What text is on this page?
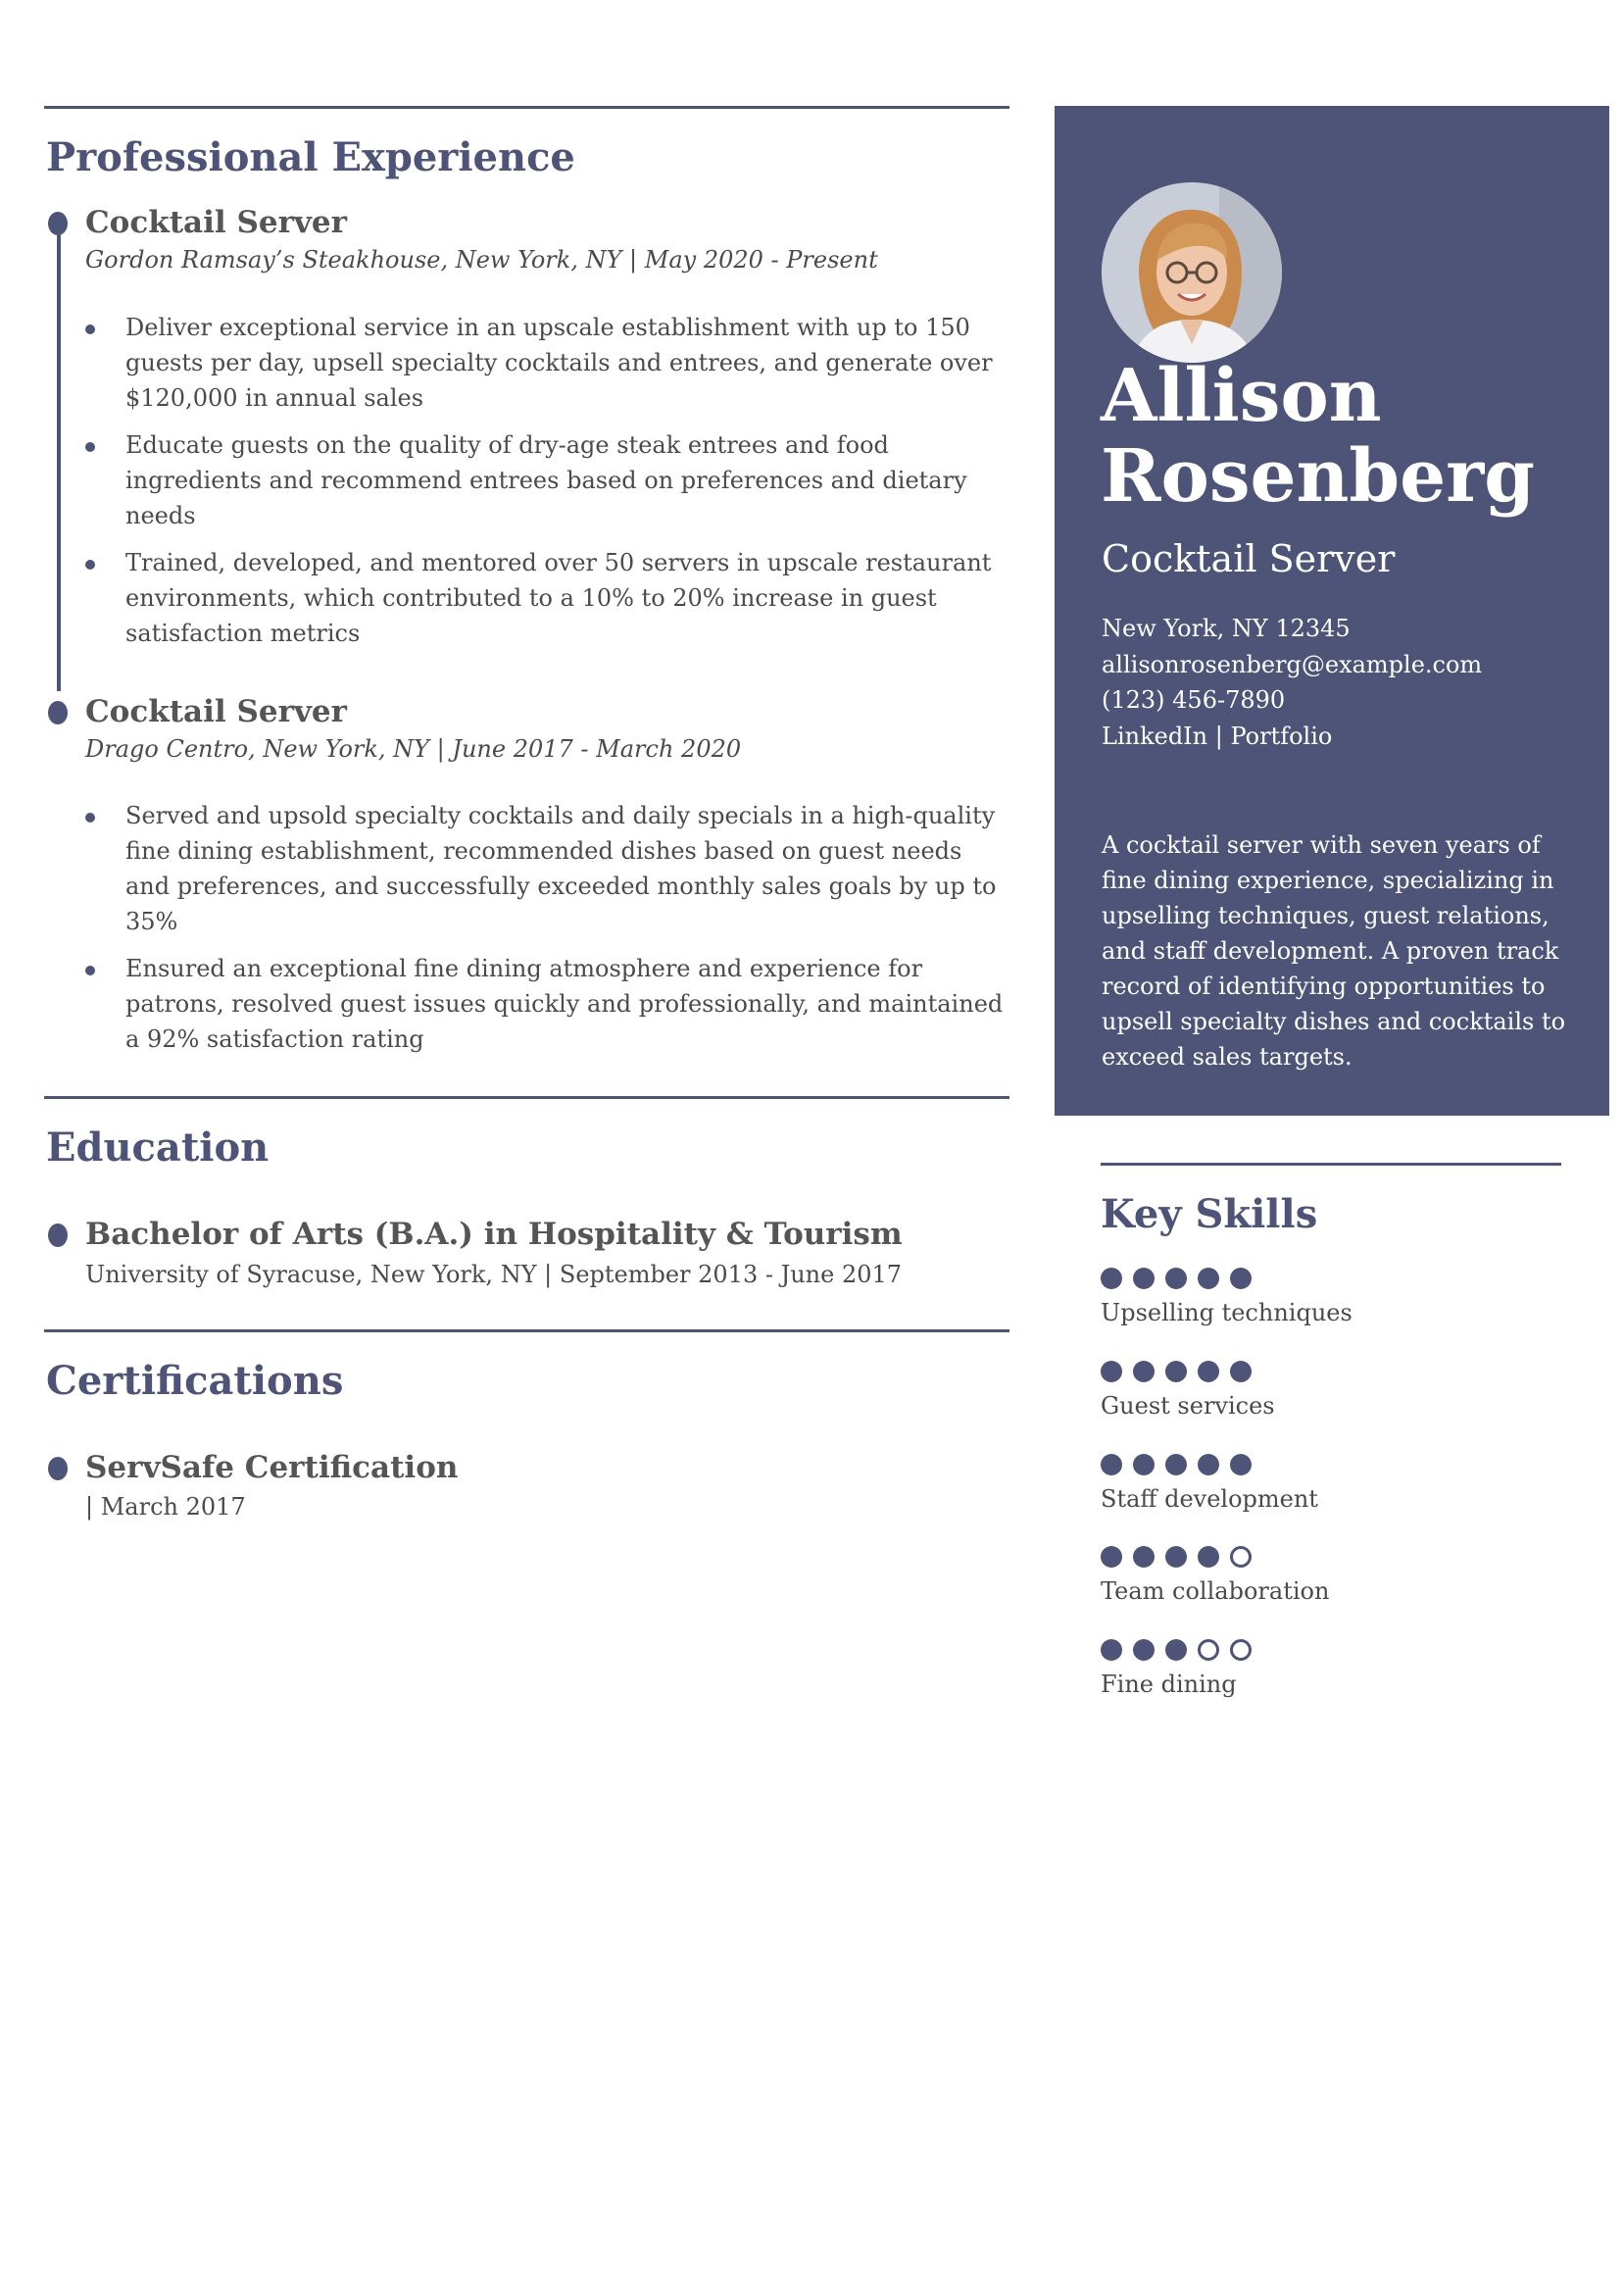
Professional Experience
Cocktail Server
Gordon Ramsay’s Steakhouse, New York, NY | May 2020 - Present
Deliver exceptional service in an upscale establishment with up to 150 guests per day, upsell specialty cocktails and entrees, and generate over $120,000 in annual sales
Educate guests on the quality of dry-age steak entrees and food ingredients and recommend entrees based on preferences and dietary needs
Trained, developed, and mentored over 50 servers in upscale restaurant environments, which contributed to a 10% to 20% increase in guest satisfaction metrics
Cocktail Server
Drago Centro, New York, NY | June 2017 - March 2020
Served and upsold specialty cocktails and daily specials in a high-quality fine dining establishment, recommended dishes based on guest needs and preferences, and successfully exceeded monthly sales goals by up to 35%
Ensured an exceptional fine dining atmosphere and experience for patrons, resolved guest issues quickly and professionally, and maintained a 92% satisfaction rating
Education
Bachelor of Arts (B.A.) in Hospitality & Tourism
University of Syracuse, New York, NY | September 2013 - June 2017
Certifications
ServSafe Certification
| March 2017
Allison
Rosenberg
Cocktail Server
New York, NY 12345
allisonrosenberg@example.com
(123) 456-7890
LinkedIn | Portfolio
A cocktail server with seven years of fine dining experience, specializing in upselling techniques, guest relations, and staff development. A proven track record of identifying opportunities to upsell specialty dishes and cocktails to exceed sales targets.
Key Skills
Upselling techniques
Guest services
Staff development
Team collaboration
Fine dining
